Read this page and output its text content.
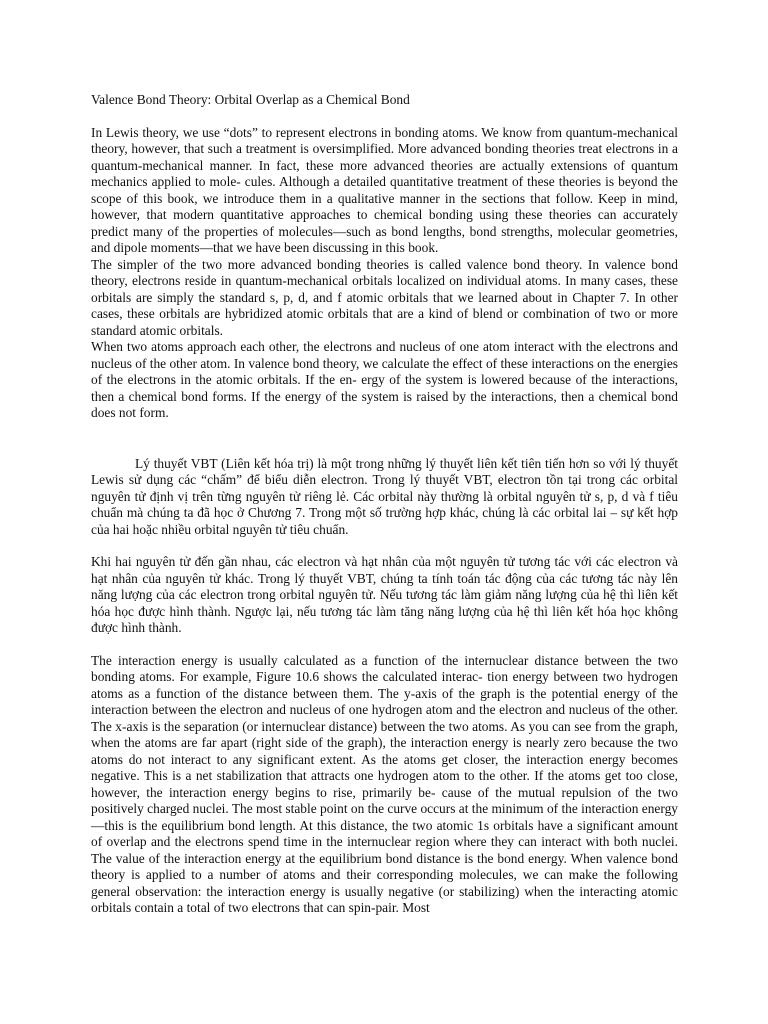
Valence Bond Theory: Orbital Overlap as a Chemical Bond

In Lewis theory, we use “dots” to represent electrons in bonding atoms. We know from quantum-mechanical theory, however, that such a treatment is oversimplified. More advanced bonding theories treat electrons in a quantum-mechanical manner. In fact, these more advanced theories are actually extensions of quantum mechanics applied to mole- cules. Although a detailed quantitative treatment of these theories is beyond the scope of this book, we introduce them in a qualitative manner in the sections that follow. Keep in mind, however, that modern quantitative approaches to chemical bonding using these theories can accurately predict many of the properties of molecules—such as bond lengths, bond strengths, molecular geometries, and dipole moments—that we have been discussing in this book.

The simpler of the two more advanced bonding theories is called valence bond theory. In valence bond theory, electrons reside in quantum-mechanical orbitals localized on individual atoms. In many cases, these orbitals are simply the standard s, p, d, and f atomic orbitals that we learned about in Chapter 7. In other cases, these orbitals are hybridized atomic orbitals that are a kind of blend or combination of two or more standard atomic orbitals.

When two atoms approach each other, the electrons and nucleus of one atom interact with the electrons and nucleus of the other atom. In valence bond theory, we calculate the effect of these interactions on the energies of the electrons in the atomic orbitals. If the en- ergy of the system is lowered because of the interactions, then a chemical bond forms. If the energy of the system is raised by the interactions, then a chemical bond does not form.

Lý thuyết VBT (Liên kết hóa trị) là một trong những lý thuyết liên kết tiên tiến hơn so với lý thuyết Lewis sử dụng các “chấm” để biểu diễn electron. Trong lý thuyết VBT, electron tồn tại trong các orbital nguyên tử định vị trên từng nguyên tử riêng lẻ. Các orbital này thường là orbital nguyên tử s, p, d và f tiêu chuẩn mà chúng ta đã học ở Chương 7. Trong một số trường hợp khác, chúng là các orbital lai – sự kết hợp của hai hoặc nhiều orbital nguyên tử tiêu chuẩn.

Khi hai nguyên tử đến gần nhau, các electron và hạt nhân của một nguyên tử tương tác với các electron và hạt nhân của nguyên tử khác. Trong lý thuyết VBT, chúng ta tính toán tác động của các tương tác này lên năng lượng của các electron trong orbital nguyên tử. Nếu tương tác làm giảm năng lượng của hệ thì liên kết hóa học được hình thành. Ngược lại, nếu tương tác làm tăng năng lượng của hệ thì liên kết hóa học không được hình thành.

The interaction energy is usually calculated as a function of the internuclear distance between the two bonding atoms. For example, Figure 10.6 shows the calculated interac- tion energy between two hydrogen atoms as a function of the distance between them. The y-axis of the graph is the potential energy of the interaction between the electron and nucleus of one hydrogen atom and the electron and nucleus of the other. The x-axis is the separation (or internuclear distance) between the two atoms. As you can see from the graph, when the atoms are far apart (right side of the graph), the interaction energy is nearly zero because the two atoms do not interact to any significant extent. As the atoms get closer, the interaction energy becomes negative. This is a net stabilization that attracts one hydrogen atom to the other. If the atoms get too close, however, the interaction energy begins to rise, primarily be- cause of the mutual repulsion of the two positively charged nuclei. The most stable point on the curve occurs at the minimum of the interaction energy—this is the equilibrium bond length. At this distance, the two atomic 1s orbitals have a significant amount of overlap and the electrons spend time in the internuclear region where they can interact with both nuclei. The value of the interaction energy at the equilibrium bond distance is the bond energy. When valence bond theory is applied to a number of atoms and their corresponding molecules, we can make the following general observation: the interaction energy is usually negative (or stabilizing) when the interacting atomic orbitals contain a total of two electrons that can spin-pair. Most
